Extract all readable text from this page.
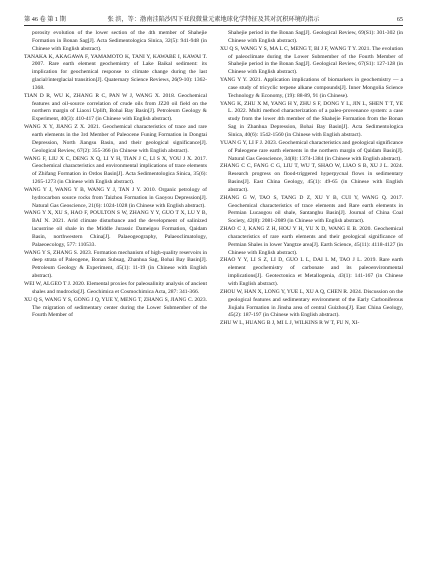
第 46 卷 第 1 期	张 滨，等：渤南洼陷沙四下亚段微量元素地球化学特征及其对沉积环境的指示	65

porosity evolution of the lower section of the 4th member of Shahejie Formation in Bonan Sag[J]. Acta Sedimentologica Sinica, 32(5): 941-948 (in Chinese with English abstract).

TANAKA K, AKAGAWA F, YAMAMOTO K, TANI Y, KAWABE I, KAWAI T. 2007. Rare earth element geochemistry of Lake Baikal sediment: its implication for geochemical response to climate change during the last glacial/interglacial transition[J]. Quaternary Science Reviews, 26(9-10): 1362-1368.

TIAN D R, WU K, ZHANG R C, PAN W J, WANG X. 2018. Geochemical features and oil-source correlation of crude oils from JZ20 oil field on the northern margin of Liaoxi Uplift, Bohai Bay Basin[J]. Petroleum Geology & Experiment, 40(3): 410-417 (in Chinese with English abstract).

WANG X Y, JIANG Z X. 2021. Geochemical characteristics of trace and rare earth elements in the 3rd Member of Paleocene Funing Formation in Dongtai Depression, North Jiangsu Basin, and their geological significance[J]. Geological Review, 67(2): 355-366 (in Chinese with English abstract).

WANG F, LIU X C, DENG X Q, LI Y H, TIAN J C, LI S X, YOU J X. 2017. Geochemical characteristics and environmental implications of trace elements of Zhifang Formation in Ordos Basin[J]. Acta Sedimentologica Sinica, 35(6): 1265-1273 (in Chinese with English abstract).

WANG Y J, WANG Y B, WANG Y J, TAN J Y. 2010. Organic petrology of hydrocarbon source rocks from Taizhou Formation in Gaoyou Depression[J]. Natural Gas Geoscience, 21(6): 1024-1028 (in Chinese with English abstract).

WANG Y X, XU S, HAO F, POULTON S W, ZHANG Y Y, GUO T X, LU Y B, BAI N. 2021. Arid climate disturbance and the development of salinized lacustrine oil shale in the Middle Jurassic Dameigou Formation, Qaidam Basin, northwestern China[J]. Palaeogeography, Palaeoclimatology, Palaeoecology, 577: 110533.

WANG Y S, ZHANG S. 2023. Formation mechanism of high-quality reservoirs in deep strata of Paleogene, Bonan Subsag, Zhanhua Sag, Bohai Bay Basin[J]. Petroleum Geology & Experiment, 45(1): 11-19 (in Chinese with English abstract).

WEI W, ALGEO T J. 2020. Elemental proxies for paleosalinity analysis of ancient shales and mudrocks[J]. Geochimica et Cosmochimica Acta, 287: 341-366.

XU Q S, WANG Y S, GONG J Q, YUE Y, MENG T, ZHANG S, JIANG C. 2023. The migration of sedimentary center during the Lower Submember of the Fourth Member of

Shahejie period in the Bonan Sag[J]. Geological Review, 69(S1): 301-302 (in Chinese with English abstract).

XU Q S, WANG Y S, MA L C, MENG T, BI J F, WANG T Y. 2021. The evolution of paleoclimate during the Lower Submember of the Fourth Member of Shahejie period in the Bonan Sag[J]. Geological Review, 67(S1): 127-128 (in Chinese with English abstract).

YANG Y Y. 2021. Application implications of biomarkers in geochemistry — a case study of tricyclic terpene alkane compounds[J]. Inner Mongolia Science Technology & Economy, (19): 88-89, 91 (in Chinese).

YANG K, ZHU X M, YANG H Y, ZHU S F, DONG Y L, JIN L, SHEN T T, YE L. 2022. Multi method characterization of a paleo-provenance system: a case study from the lower 4th member of the Shahejie Formation from the Bonan Sag in Zhanhua Depression, Bohai Bay Basin[J]. Acta Sedimentologica Sinica, 40(6): 1542-1560 (in Chinese with English abstract).

YUAN G Y, LI F J. 2023. Geochemical characteristics and geological significance of Paleogene rare earth elements in the northern margin of Qaidam Basin[J]. Natural Gas Geoscience, 34(8): 1374-1384 (in Chinese with English abstract).

ZHANG C C, FANG C G, LIU T, WU T, SHAO W, LIAO S B, XU J L. 2024. Research progress on flood-triggered hyperpycnal flows in sedimentary Basins[J]. East China Geology, 45(1): 49-65 (in Chinese with English abstract).

ZHANG G W, TAO S, TANG D Z, XU Y B, CUI Y, WANG Q. 2017. Geochemical characteristics of trace elements and Rare earth elements in Permian Lucaogou oil shale, Santanghu Basin[J]. Journal of China Coal Society, 42(8): 2081-2089 (in Chinese with English abstract).

ZHAO C J, KANG Z H, HOU Y H, YU X D, WANG E B. 2020. Geochemical characteristics of rare earth elements and their geological significance of Permian Shales in lower Yangtze area[J]. Earth Science, 45(11): 4118-4127 (in Chinese with English abstract).

ZHAO Y Y, LI S Z, LI D, GUO L L, DAI L M, TAO J L. 2019. Rare earth element geochemistry of carbonate and its paleoenvironmental implications[J]. Geotectonica et Metallogenia, 43(1): 141-167 (in Chinese with English abstract).

ZHOU W, HAN X, LONG Y, YUE L, XU A Q, CHEN R. 2024. Discussion on the geological features and sedimentary environment of the Early Carboniferous Jiujialu Formation in Jinsha area of central Guizhou[J]. East China Geology, 45(2): 187-197 (in Chinese with English abstract).

ZHU W L, HUANG B J, MI L J, WILKINS R W T, FU N, XI-
